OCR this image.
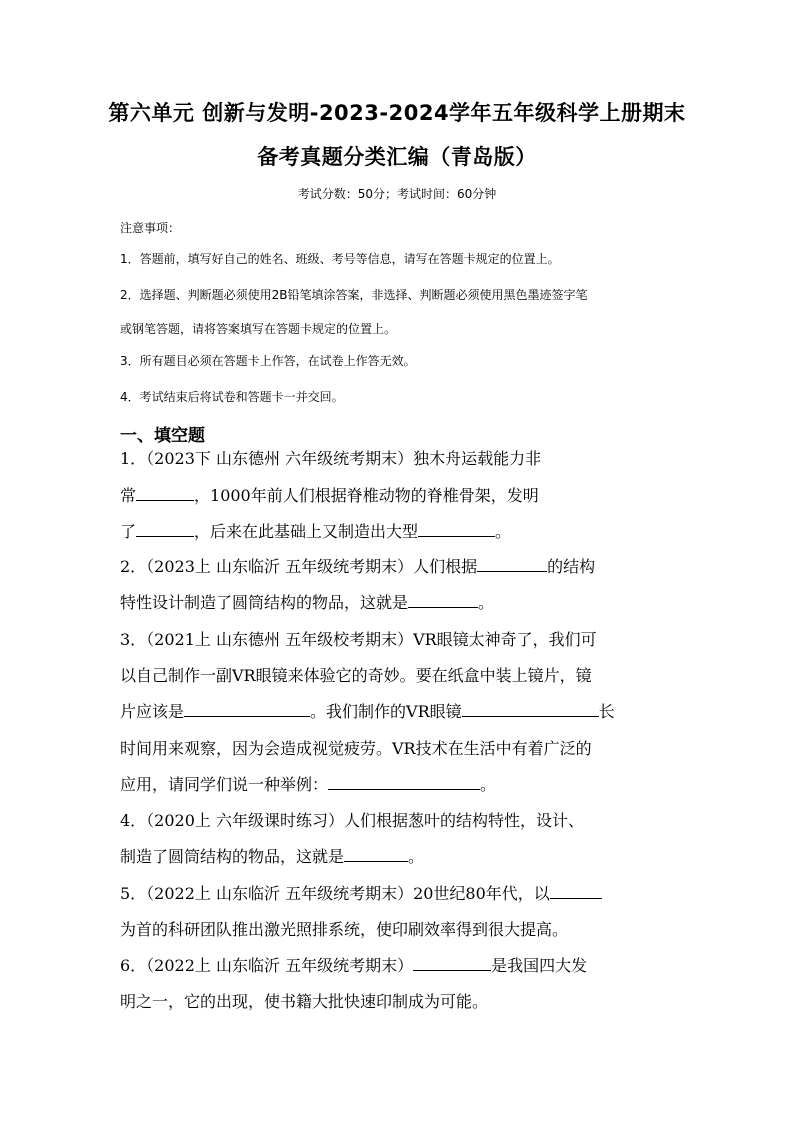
第六单元 创新与发明-2023-2024学年五年级科学上册期末
备考真题分类汇编（青岛版）
考试分数：50分；考试时间：60分钟
注意事项：
1．答题前，填写好自己的姓名、班级、考号等信息，请写在答题卡规定的位置上。
2．选择题、判断题必须使用2B铅笔填涂答案，非选择、判断题必须使用黑色墨迹签字笔
或钢笔答题，请将答案填写在答题卡规定的位置上。
3．所有题目必须在答题卡上作答，在试卷上作答无效。
4．考试结束后将试卷和答题卡一并交回。
一、填空题
1．（2023下 山东德州 六年级统考期末）独木舟运载能力非
常	，1000年前人们根据脊椎动物的脊椎骨架，发明
了	，后来在此基础上又制造出大型	。
2．（2023上 山东临沂 五年级统考期末）人们根据	的结构
特性设计制造了圆筒结构的物品，这就是	。
3．（2021上 山东德州 五年级校考期末）VR眼镜太神奇了，我们可
以自己制作一副VR眼镜来体验它的奇妙。要在纸盒中装上镜片，镜
片应该是	。我们制作的VR眼镜	长
时间用来观察，因为会造成视觉疲劳。VR技术在生活中有着广泛的
应用，请同学们说一种举例：	。
4．（2020上 六年级课时练习）人们根据葱叶的结构特性，设计、
制造了圆筒结构的物品，这就是	。
5．（2022上 山东临沂 五年级统考期末）20世纪80年代，以
为首的科研团队推出激光照排系统，使印刷效率得到很大提高。
6．（2022上 山东临沂 五年级统考期末）	是我国四大发
明之一，它的出现，使书籍大批快速印制成为可能。
